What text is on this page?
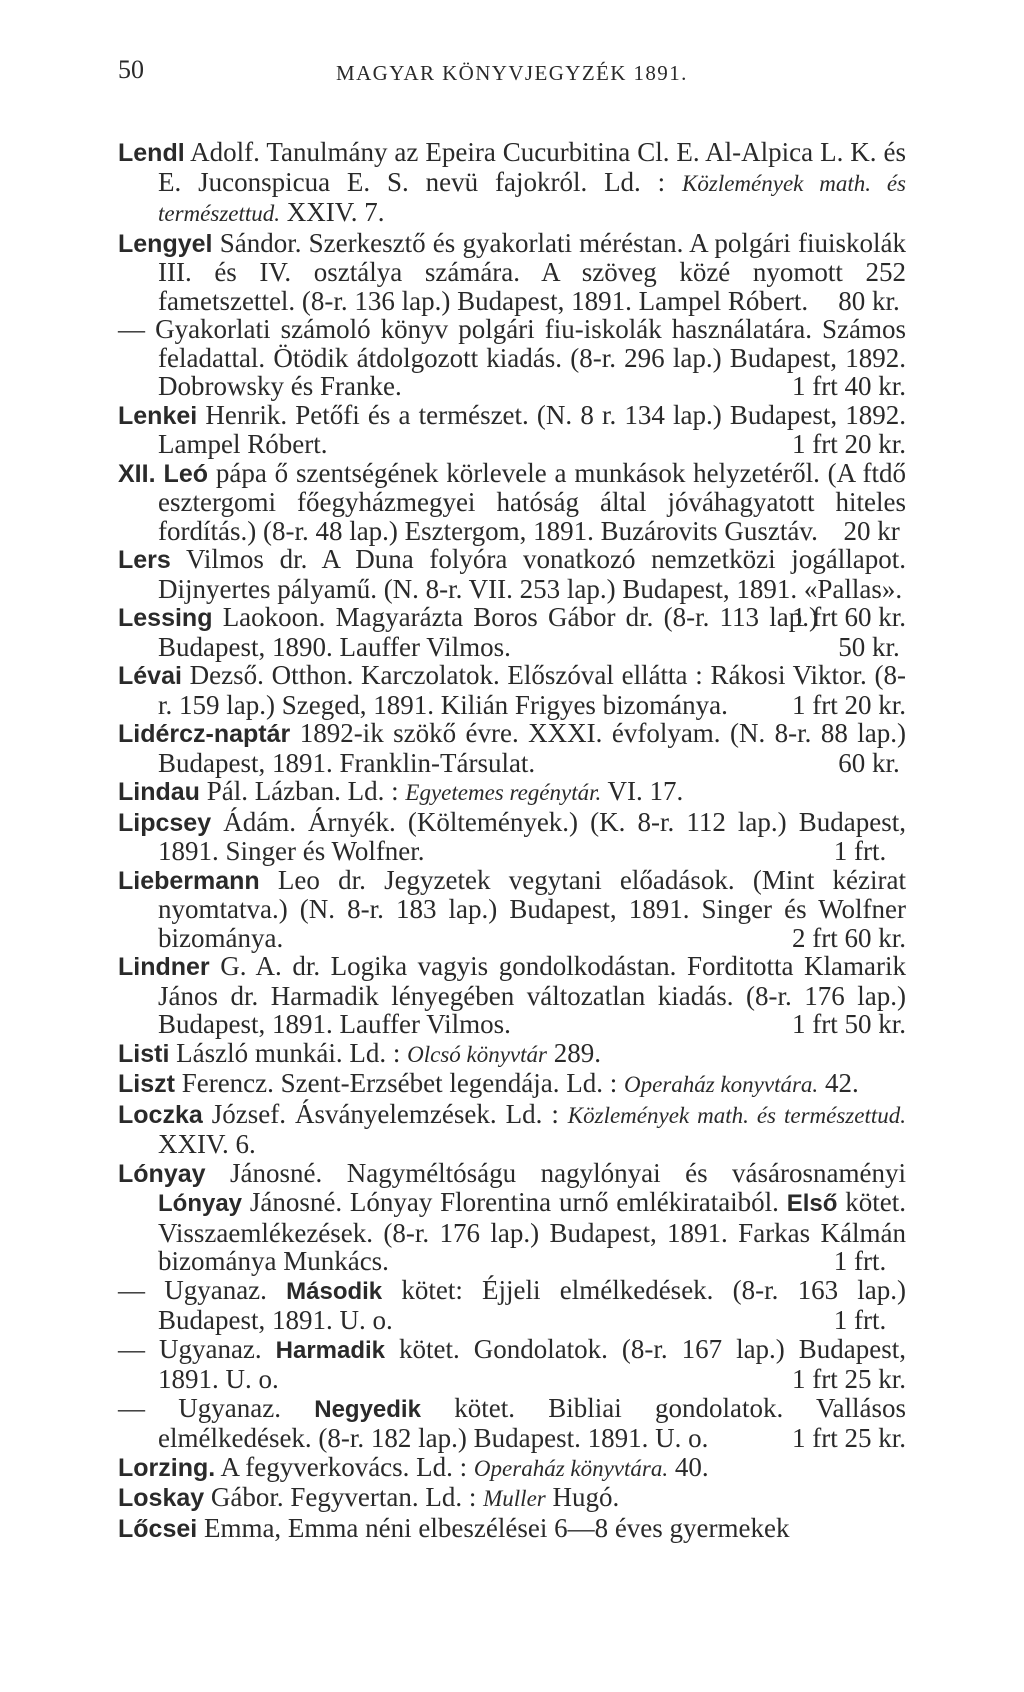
50	MAGYAR KÖNYVJEGYZÉK 1891.
Lendl Adolf. Tanulmány az Epeira Cucurbitina Cl. E. Al-Alpica L. K. és E. Juconspicua E. S. nevü fajokról. Ld. : Közlemények math. és természettud. XXIV. 7.
Lengyel Sándor. Szerkesztő és gyakorlati méréstan. A polgári fiuiskolák III. és IV. osztálya számára. A szöveg közé nyomott 252 fametszettel. (8-r. 136 lap.) Budapest, 1891. Lampel Róbert. 80 kr.
— Gyakorlati számoló könyv polgári fiu-iskolák használatára. Számos feladattal. Ötödik átdolgozott kiadás. (8-r. 296 lap.) Budapest, 1892. Dobrowsky és Franke.	1 frt 40 kr.
Lenkei Henrik. Petőfi és a természet. (N. 8 r. 134 lap.) Budapest, 1892. Lampel Róbert.	1 frt 20 kr.
XII. Leó pápa ő szentségének körlevele a munkások helyzetéről. (A ftdő esztergomi főegyházmegyei hatóság által jóváhagyatott hiteles fordítás.) (8-r. 48 lap.) Esztergom, 1891. Buzárovits Gusztáv. 20 kr
Lers Vilmos dr. A Duna folyóra vonatkozó nemzetközi jogállapot. Dijnyertes pályamű. (N. 8-r. VII. 253 lap.) Budapest, 1891. «Pallas».
1 frt 60 kr.
Lessing Laokoon. Magyarázta Boros Gábor dr. (8-r. 113 lap.) Budapest, 1890. Lauffer Vilmos.	50 kr.
Lévai Dezső. Otthon. Karczolatok. Előszóval ellátta : Rákosi Viktor. (8-r. 159 lap.) Szeged, 1891. Kilián Frigyes bizománya. 1 frt 20 kr.
Lidércz-naptár 1892-ik szökő évre. XXXI. évfolyam. (N. 8-r. 88 lap.) Budapest, 1891. Franklin-Társulat.	60 kr.
Lindau Pál. Lázban. Ld. : Egyetemes regénytár. VI. 17.
Lipcsey Ádám. Árnyék. (Költemények.) (K. 8-r. 112 lap.) Budapest, 1891. Singer és Wolfner.	1 frt.
Liebermann Leo dr. Jegyzetek vegytani előadások. (Mint kézirat nyomtatva.) (N. 8-r. 183 lap.) Budapest, 1891. Singer és Wolfner bizománya.	2 frt 60 kr.
Lindner G. A. dr. Logika vagyis gondolkodástan. Forditotta Klamarik János dr. Harmadik lényegében változatlan kiadás. (8-r. 176 lap.) Budapest, 1891. Lauffer Vilmos.	1 frt 50 kr.
Listi László munkái. Ld. : Olcsó könyvtár 289.
Liszt Ferencz. Szent-Erzsébet legendája. Ld. : Operaház konyvtára. 42.
Loczka József. Ásványelemzések. Ld. : Közlemények math. és természettud. XXIV. 6.
Lónyay Jánosné. Nagyméltóságu nagylónyai és vásárosnaményi Lónyay Jánosné. Lónyay Florentina urnő emlékirataiból. Első kötet. Visszaemlékezések. (8-r. 176 lap.) Budapest, 1891. Farkas Kálmán bizománya Munkács.	1 frt.
— Ugyanaz. Második kötet: Éjjeli elmélkedések. (8-r. 163 lap.) Budapest, 1891. U. o.	1 frt.
— Ugyanaz. Harmadik kötet. Gondolatok. (8-r. 167 lap.) Budapest, 1891. U. o.	1 frt 25 kr.
— Ugyanaz. Negyedik kötet. Bibliai gondolatok. Vallásos elmélkedések. (8-r. 182 lap.) Budapest. 1891. U. o.	1 frt 25 kr.
Lorzing. A fegyverkovács. Ld. : Operaház könyvtára. 40.
Loskay Gábor. Fegyvertan. Ld. : Muller Hugó.
Lőcsei Emma, Emma néni elbeszélései 6—8 éves gyermekek
